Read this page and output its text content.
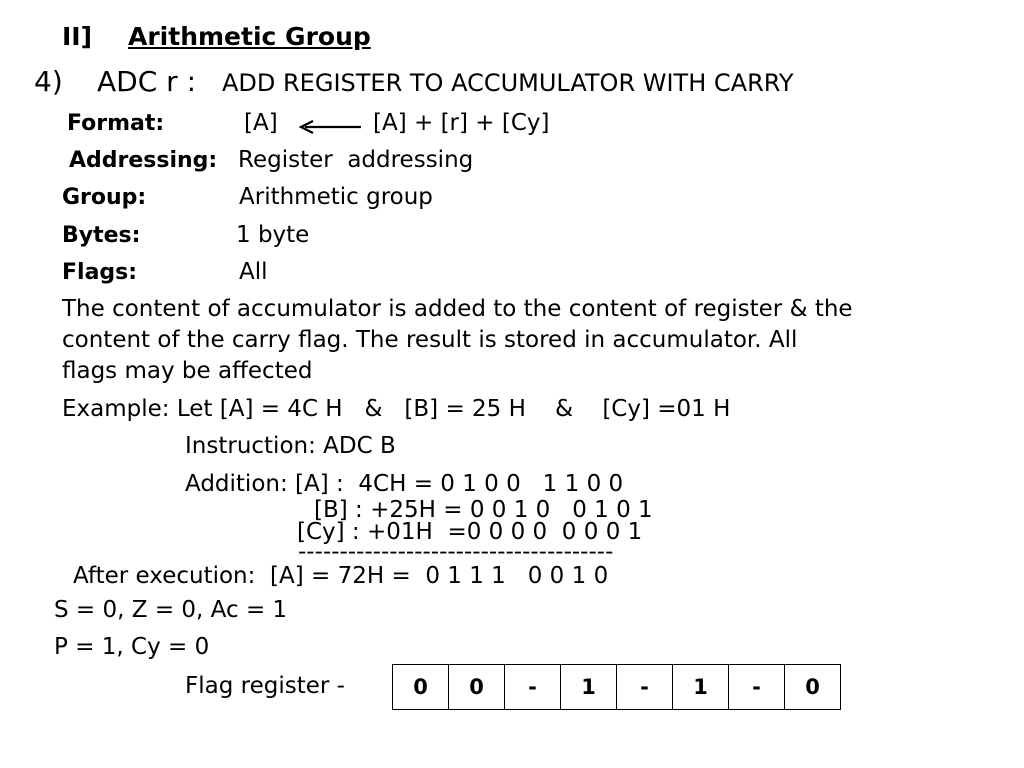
II] Arithmetic Group
4) ADC r : ADD REGISTER TO ACCUMULATOR WITH CARRY
Format:	[A]	[A] + [r] + [Cy]
Addressing: Register  addressing
Group:	Arithmetic group
Bytes:	1 byte
Flags:	All
The content of accumulator is added to the content of register & the
content of the carry flag. The result is stored in accumulator. All
flags may be affected
Example: Let [A] = 4C H   &   [B] = 25 H    &    [Cy] =01 H
Instruction: ADC B
Addition: [A] :  4CH = 0 1 0 0   1 1 0 0
[B] : +25H = 0 0 1 0   0 1 0 1
[Cy] : +01H  =0 0 0 0  0 0 0 1
--------------------------------------
After execution:  [A] = 72H =  0 1 1 1   0 0 1 0
S = 0, Z = 0, Ac = 1
P = 1, Cy = 0
Flag register -	0	0	-	1	-	1	-	0
